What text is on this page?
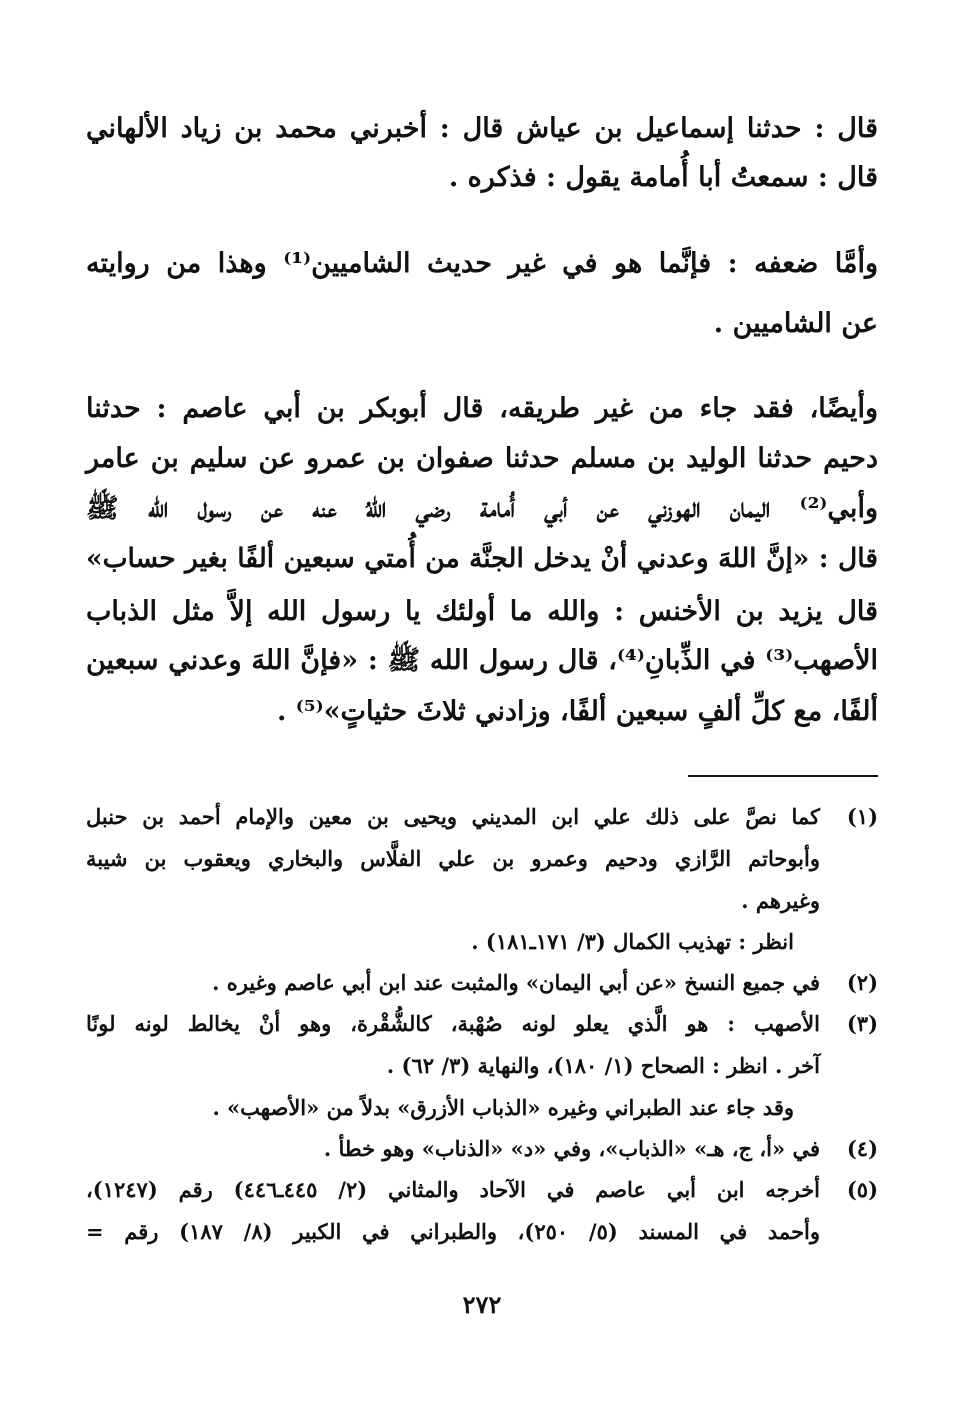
قال : حدثنا إسماعيل بن عياش قال : أخبرني محمد بن زياد الألهاني
قال : سمعتُ أبا أُمامة يقول : فذكره .
وأمَّا ضعفه : فإنَّما هو في غير حديث الشاميين⁽¹⁾ وهذا من روايته
عن الشاميين .
وأيضًا، فقد جاء من غير طريقه، قال أبوبكر بن أبي عاصم : حدثنا
دحيم حدثنا الوليد بن مسلم حدثنا صفوان بن عمرو عن سليم بن عامر
وأبي⁽²⁾ اليمان الهوزني عن أبي أُمامة رضي اللهُ عنه عن رسول الله ﷺ
قال : «إنَّ اللهَ وعدني أنْ يدخل الجنَّة من أُمتي سبعين ألفًا بغير حساب»
قال يزيد بن الأخنس : والله ما أولئك يا رسول الله إلاَّ مثل الذباب
الأصهب⁽³⁾ في الذِّبانِ⁽⁴⁾، قال رسول الله ﷺ : «فإنَّ اللهَ وعدني سبعين
ألفًا، مع كلِّ ألفٍ سبعين ألفًا، وزادني ثلاثَ حثياتٍ»⁽⁵⁾ .
(١)
كما نصَّ على ذلك علي ابن المديني ويحيى بن معين والإمام أحمد بن حنبل
وأبوحاتم الرَّازي ودحيم وعمرو بن علي الفلَّاس والبخاري ويعقوب بن شيبة
وغيرهم .
انظر : تهذيب الكمال (٣/ ١٧١ـ١٨١) .
(٢)
في جميع النسخ «عن أبي اليمان» والمثبت عند ابن أبي عاصم وغيره .
(٣)
الأصهب : هو الَّذي يعلو لونه صُهْبة، كالشُّقْرة، وهو أنْ يخالط لونه لونًا
آخر . انظر : الصحاح (١/ ١٨٠)، والنهاية (٣/ ٦٢) .
وقد جاء عند الطبراني وغيره «الذباب الأزرق» بدلاً من «الأصهب» .
(٤)
في «أ، ج، هـ» «الذباب»، وفي «د» «الذناب» وهو خطأ .
(٥)
أخرجه ابن أبي عاصم في الآحاد والمثاني (٢/ ٤٤٥ـ٤٤٦) رقم (١٢٤٧)،
وأحمد في المسند (٥/ ٢٥٠)، والطبراني في الكبير (٨/ ١٨٧) رقم =
٢٧٢
